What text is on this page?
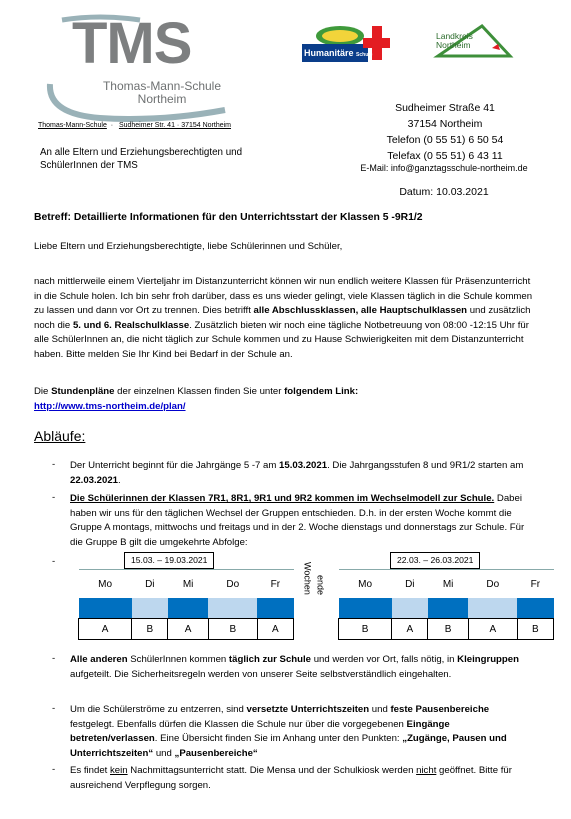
TMS
Thomas-Mann-Schule
Northeim
Thomas-Mann-Schule  ·   Sudheimer Str. 41 · 37154 Northeim
An alle Eltern und Erziehungsberechtigten und
SchülerInnen der TMS
Humanitäre Schule
Landkreis
Northeim
Sudheimer Straße 41
37154 Northeim
Telefon (0 55 51) 6 50 54
Telefax (0 55 51) 6 43 11
E-Mail: info@ganztagsschule-northeim.de
Datum: 10.03.2021
Betreff: Detaillierte Informationen für den Unterrichtsstart der Klassen 5 -9R1/2
Liebe Eltern und Erziehungsberechtigte, liebe Schülerinnen und Schüler,
nach mittlerweile einem Vierteljahr im Distanzunterricht können wir nun endlich weitere Klassen für Präsenzunterricht in die Schule holen. Ich bin sehr froh darüber, dass es uns wieder gelingt, viele Klassen täglich in die Schule kommen zu lassen und dann vor Ort zu trennen. Dies betrifft alle Abschlussklassen, alle Hauptschulklassen und zusätzlich noch die 5. und 6. Realschulklasse. Zusätzlich bieten wir noch eine tägliche Notbetreuung von 08:00 -12:15 Uhr für alle SchülerInnen an, die nicht täglich zur Schule kommen und zu Hause Schwierigkeiten mit dem Distanzunterricht haben. Bitte melden Sie Ihr Kind bei Bedarf in der Schule an.
Die Stundenpläne der einzelnen Klassen finden Sie unter folgendem Link:
http://www.tms-northeim.de/plan/
Abläufe:
- Der Unterricht beginnt für die Jahrgänge 5 -7 am 15.03.2021. Die Jahrgangsstufen 8 und 9R1/2 starten am 22.03.2021.
- Die Schülerinnen der Klassen 7R1, 8R1, 9R1 und 9R2 kommen im Wechselmodell zur Schule. Dabei haben wir uns für den täglichen Wechsel der Gruppen entschieden. D.h. in der ersten Woche kommt die Gruppe A montags, mittwochs und freitags und in der 2. Woche dienstags und donnerstags zur Schule. Für die Gruppe B gilt die umgekehrte Abfolge:
-	15.03. – 19.03.2021	22.03. – 26.03.2021
Mo	Di	Mi	Do	Fr

A	B	A	B	A
Mo	Di	Mi	Do	Fr

B	A	B	A	B
Wochen ende
- Alle anderen SchülerInnen kommen täglich zur Schule und werden vor Ort, falls nötig, in Kleingruppen aufgeteilt. Die Sicherheitsregeln werden von unserer Seite selbstverständlich eingehalten.
- Um die Schülerströme zu entzerren, sind versetzte Unterrichtszeiten und feste Pausenbereiche festgelegt. Ebenfalls dürfen die Klassen die Schule nur über die vorgegebenen Eingänge betreten/verlassen. Eine Übersicht finden Sie im Anhang unter den Punkten: „Zugänge, Pausen und Unterrichtszeiten“ und „Pausenbereiche“
- Es findet kein Nachmittagsunterricht statt. Die Mensa und der Schulkiosk werden nicht geöffnet. Bitte für ausreichend Verpflegung sorgen.
